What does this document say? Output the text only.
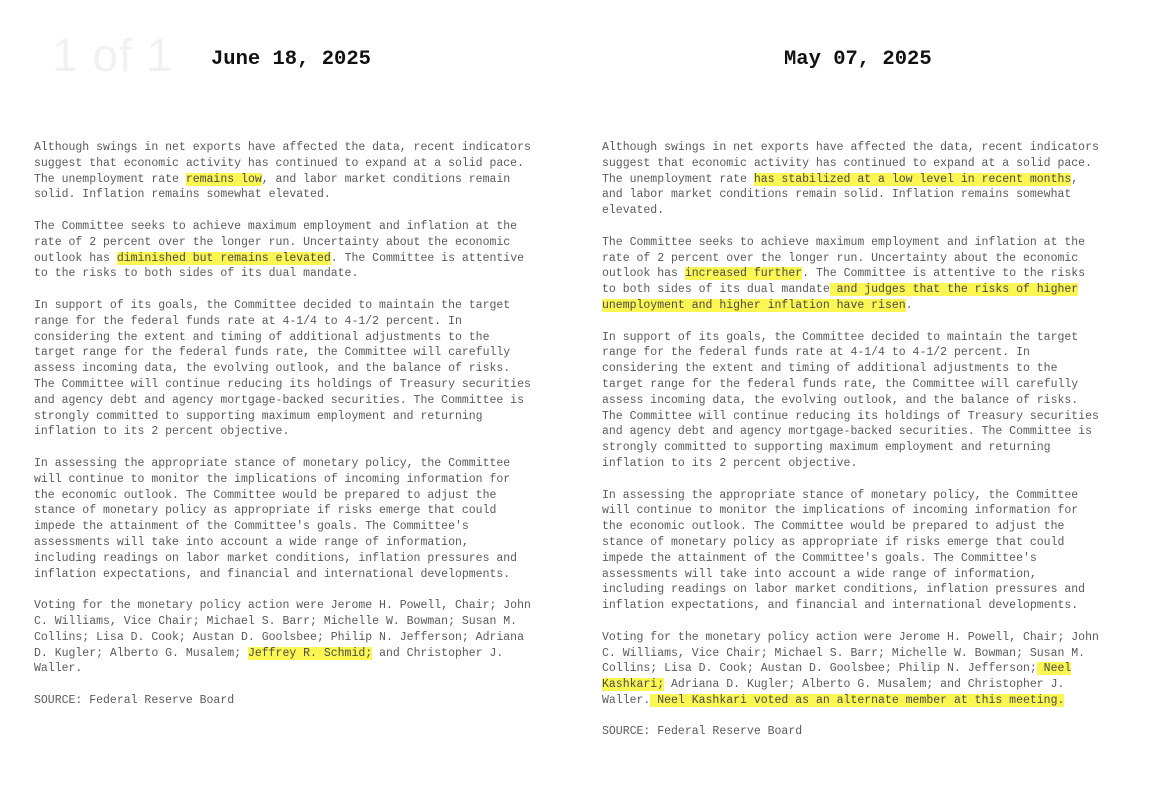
1 of 1 June 18, 2025	May 07, 2025

Although swings in net exports have affected the data, recent indicators
suggest that economic activity has continued to expand at a solid pace.
The unemployment rate remains low, and labor market conditions remain
solid. Inflation remains somewhat elevated.

The Committee seeks to achieve maximum employment and inflation at the
rate of 2 percent over the longer run. Uncertainty about the economic
outlook has diminished but remains elevated. The Committee is attentive
to the risks to both sides of its dual mandate.

In support of its goals, the Committee decided to maintain the target
range for the federal funds rate at 4-1/4 to 4-1/2 percent. In
considering the extent and timing of additional adjustments to the
target range for the federal funds rate, the Committee will carefully
assess incoming data, the evolving outlook, and the balance of risks.
The Committee will continue reducing its holdings of Treasury securities
and agency debt and agency mortgage-backed securities. The Committee is
strongly committed to supporting maximum employment and returning
inflation to its 2 percent objective.

In assessing the appropriate stance of monetary policy, the Committee
will continue to monitor the implications of incoming information for
the economic outlook. The Committee would be prepared to adjust the
stance of monetary policy as appropriate if risks emerge that could
impede the attainment of the Committee's goals. The Committee's
assessments will take into account a wide range of information,
including readings on labor market conditions, inflation pressures and
inflation expectations, and financial and international developments.

Voting for the monetary policy action were Jerome H. Powell, Chair; John
C. Williams, Vice Chair; Michael S. Barr; Michelle W. Bowman; Susan M.
Collins; Lisa D. Cook; Austan D. Goolsbee; Philip N. Jefferson; Adriana
D. Kugler; Alberto G. Musalem; Jeffrey R. Schmid; and Christopher J.
Waller.

SOURCE: Federal Reserve Board

Although swings in net exports have affected the data, recent indicators
suggest that economic activity has continued to expand at a solid pace.
The unemployment rate has stabilized at a low level in recent months,
and labor market conditions remain solid. Inflation remains somewhat
elevated.

The Committee seeks to achieve maximum employment and inflation at the
rate of 2 percent over the longer run. Uncertainty about the economic
outlook has increased further. The Committee is attentive to the risks
to both sides of its dual mandate and judges that the risks of higher
unemployment and higher inflation have risen.

In support of its goals, the Committee decided to maintain the target
range for the federal funds rate at 4-1/4 to 4-1/2 percent. In
considering the extent and timing of additional adjustments to the
target range for the federal funds rate, the Committee will carefully
assess incoming data, the evolving outlook, and the balance of risks.
The Committee will continue reducing its holdings of Treasury securities
and agency debt and agency mortgage-backed securities. The Committee is
strongly committed to supporting maximum employment and returning
inflation to its 2 percent objective.

In assessing the appropriate stance of monetary policy, the Committee
will continue to monitor the implications of incoming information for
the economic outlook. The Committee would be prepared to adjust the
stance of monetary policy as appropriate if risks emerge that could
impede the attainment of the Committee's goals. The Committee's
assessments will take into account a wide range of information,
including readings on labor market conditions, inflation pressures and
inflation expectations, and financial and international developments.

Voting for the monetary policy action were Jerome H. Powell, Chair; John
C. Williams, Vice Chair; Michael S. Barr; Michelle W. Bowman; Susan M.
Collins; Lisa D. Cook; Austan D. Goolsbee; Philip N. Jefferson; Neel
Kashkari; Adriana D. Kugler; Alberto G. Musalem; and Christopher J.
Waller. Neel Kashkari voted as an alternate member at this meeting.

SOURCE: Federal Reserve Board
